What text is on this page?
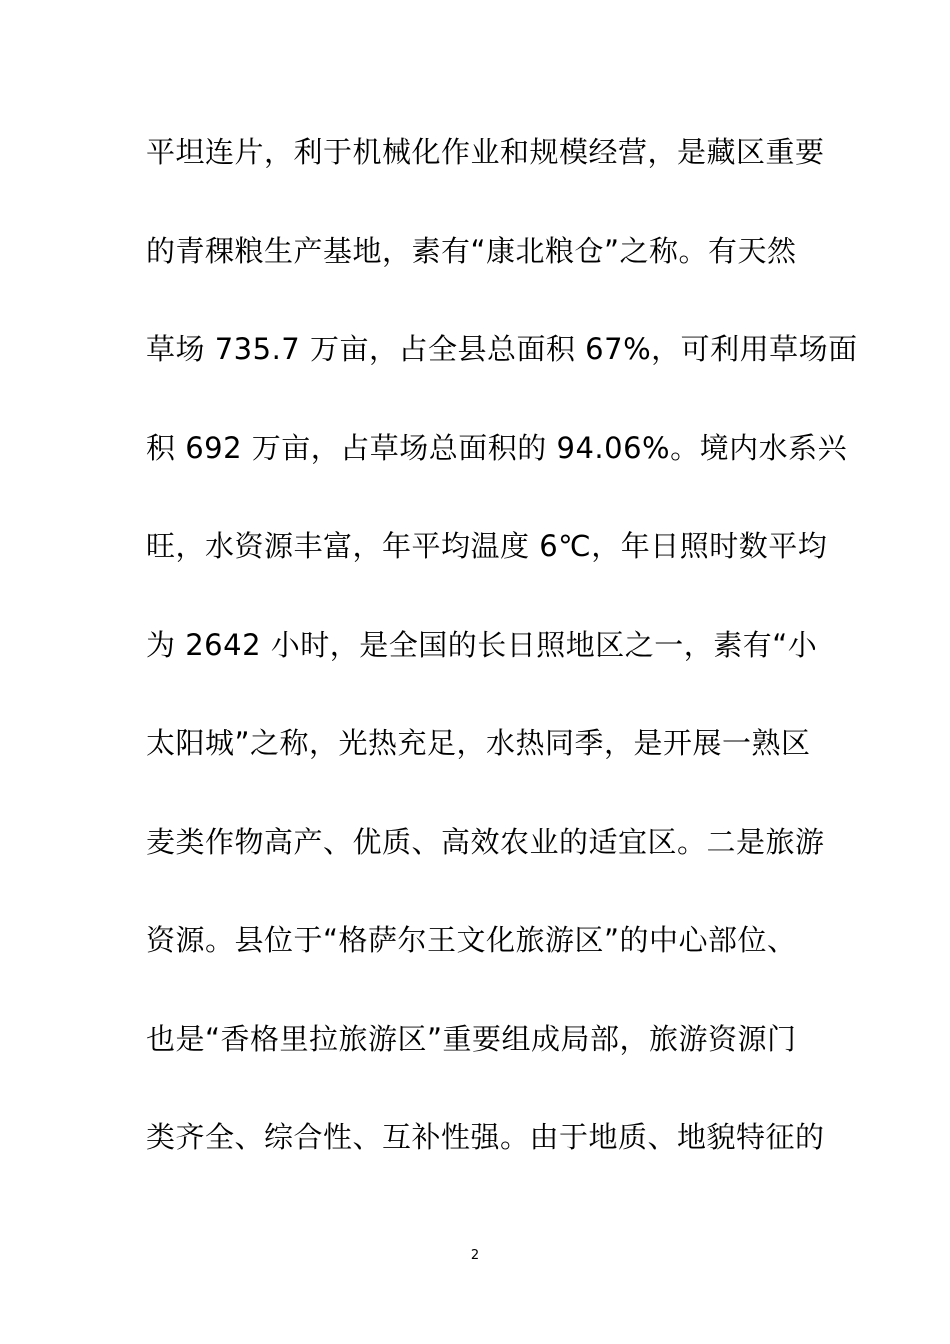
平坦连片，利于机械化作业和规模经营，是藏区重要
的青稞粮生产基地，素有“康北粮仓”之称。有天然
草场 735.7 万亩，占全县总面积 67%，可利用草场面
积 692 万亩，占草场总面积的 94.06%。境内水系兴
旺，水资源丰富，年平均温度 6℃，年日照时数平均
为 2642 小时，是全国的长日照地区之一，素有“小
太阳城”之称，光热充足，水热同季，是开展一熟区
麦类作物高产、优质、高效农业的适宜区。二是旅游
资源。县位于“格萨尔王文化旅游区”的中心部位、
也是“香格里拉旅游区”重要组成局部，旅游资源门
类齐全、综合性、互补性强。由于地质、地貌特征的
2
